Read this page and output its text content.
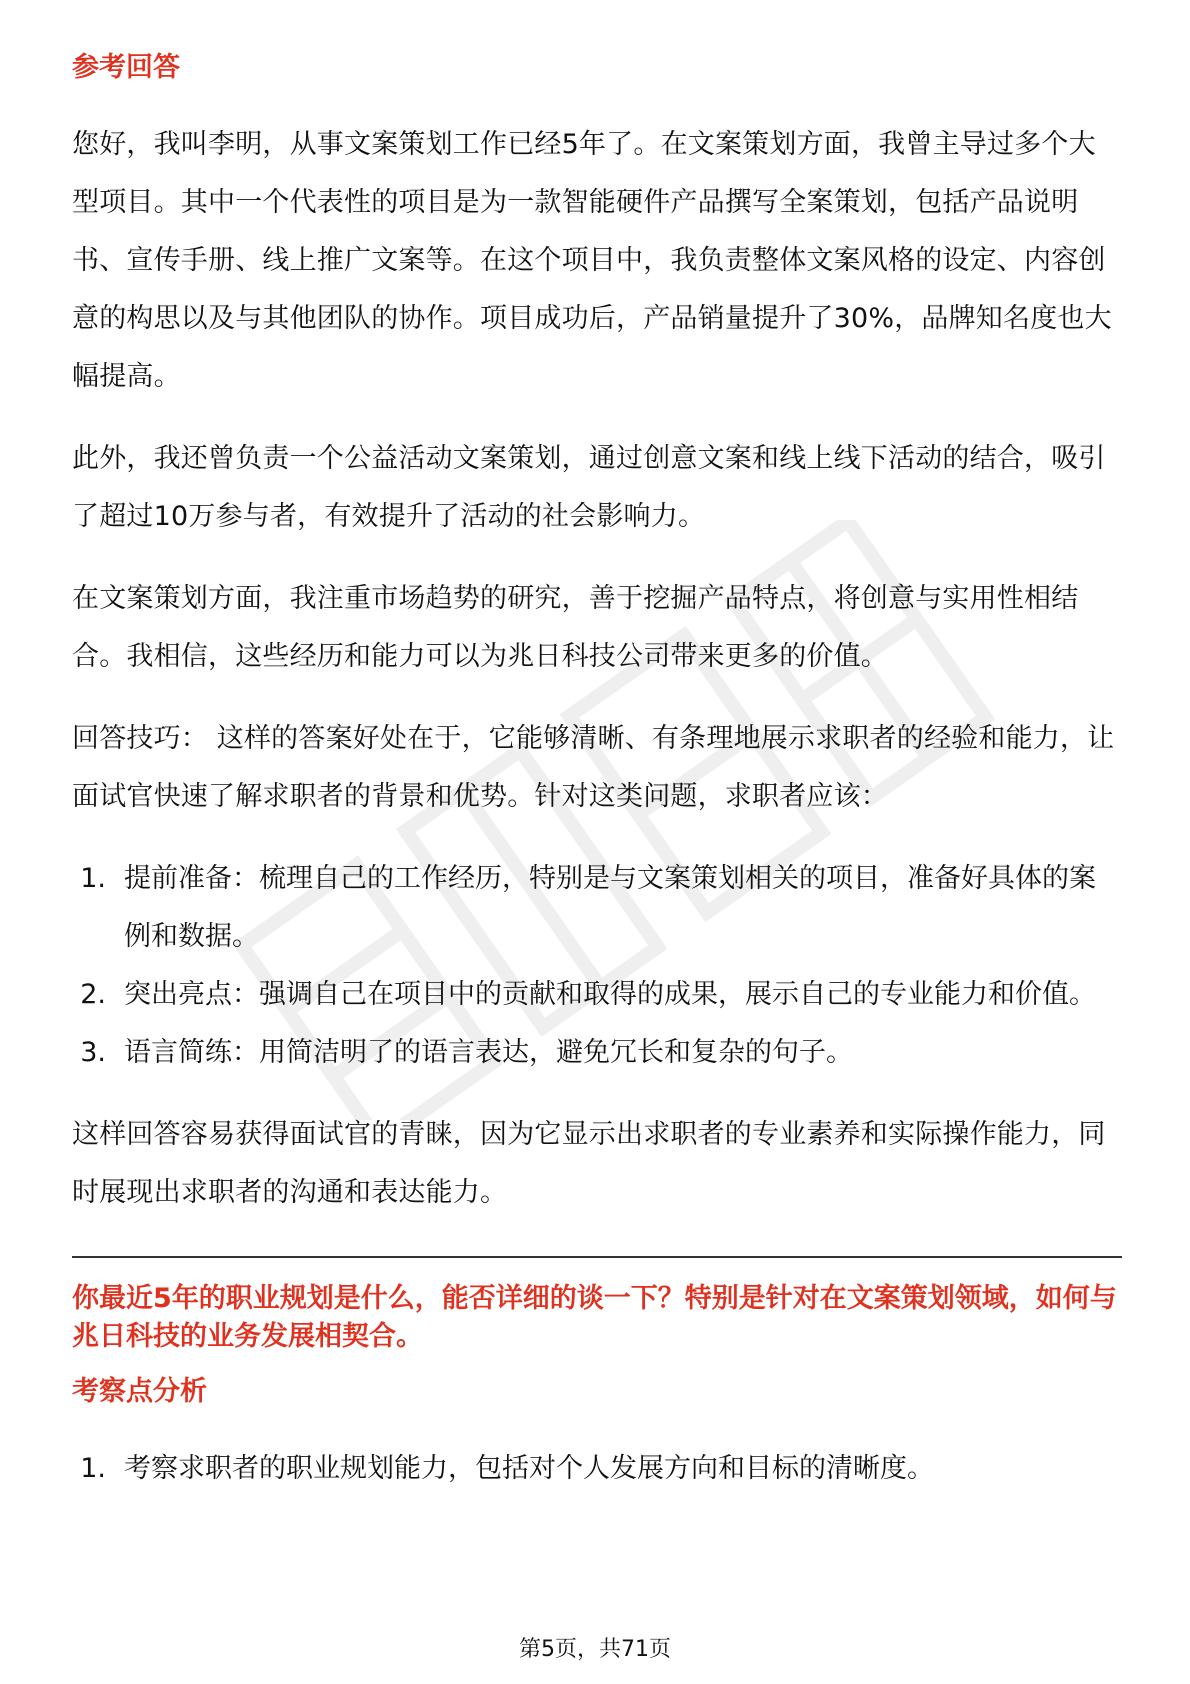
参考回答

您好，我叫李明，从事文案策划工作已经5年了。在文案策划方面，我曾主导过多个大型项目。其中一个代表性的项目是为一款智能硬件产品撰写全案策划，包括产品说明书、宣传手册、线上推广文案等。在这个项目中，我负责整体文案风格的设定、内容创意的构思以及与其他团队的协作。项目成功后，产品销量提升了30%，品牌知名度也大幅提高。

此外，我还曾负责一个公益活动文案策划，通过创意文案和线上线下活动的结合，吸引了超过10万参与者，有效提升了活动的社会影响力。

在文案策划方面，我注重市场趋势的研究，善于挖掘产品特点，将创意与实用性相结合。我相信，这些经历和能力可以为兆日科技公司带来更多的价值。

回答技巧： 这样的答案好处在于，它能够清晰、有条理地展示求职者的经验和能力，让面试官快速了解求职者的背景和优势。针对这类问题，求职者应该：

1. 提前准备：梳理自己的工作经历，特别是与文案策划相关的项目，准备好具体的案例和数据。
2. 突出亮点：强调自己在项目中的贡献和取得的成果，展示自己的专业能力和价值。
3. 语言简练：用简洁明了的语言表达，避免冗长和复杂的句子。

这样回答容易获得面试官的青睐，因为它显示出求职者的专业素养和实际操作能力，同时展现出求职者的沟通和表达能力。

你最近5年的职业规划是什么，能否详细的谈一下？特别是针对在文案策划领域，如何与兆日科技的业务发展相契合。

考察点分析
1. 考察求职者的职业规划能力，包括对个人发展方向和目标的清晰度。
第5页，共71页
